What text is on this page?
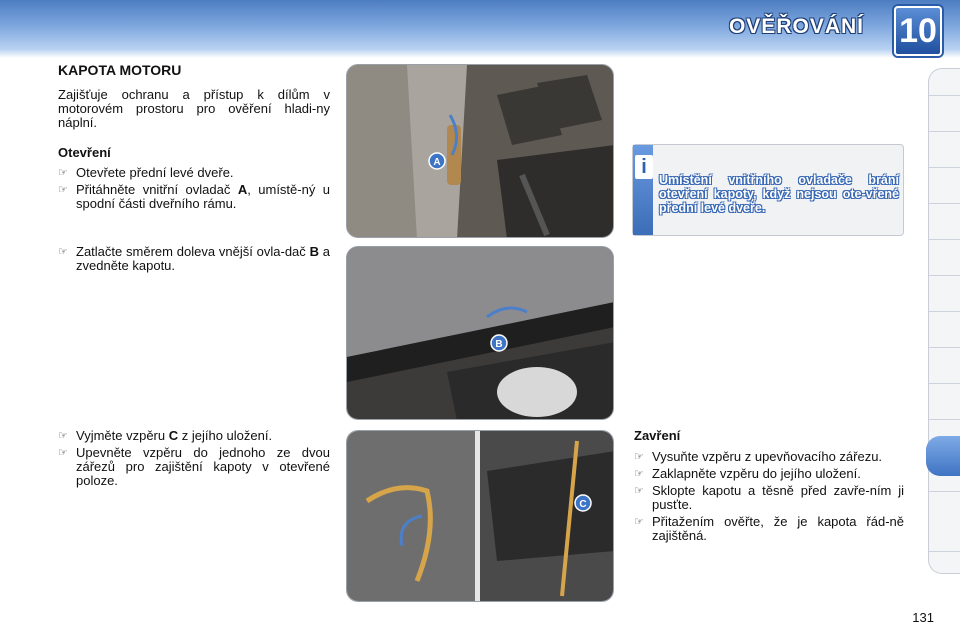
OVĚŘOVÁNÍ 10
KAPOTA MOTORU

Zajišťuje ochranu a přístup k dílům v motorovém prostoru pro ověření hladi-ny náplní.

Otevření
☞ Otevřete přední levé dveře.
☞ Přitáhněte vnitřní ovladač A, umístě-ný u spodní části dveřního rámu.
☞ Zatlačte směrem doleva vnější ovla-dač B a zvedněte kapotu.
☞ Vyjměte vzpěru C z jejího uložení.
☞ Upevněte vzpěru do jednoho ze dvou zářezů pro zajištění kapoty v otevřené poloze.
A
B
C
i
Umístění vnitřního ovladače brání otevření kapoty, když nejsou ote-vřené přední levé dveře.
Zavření
☞ Vysuňte vzpěru z upevňovacího zářezu.
☞ Zaklapněte vzpěru do jejího uložení.
☞ Sklopte kapotu a těsně před zavře-ním ji pusťte.
☞ Přitažením ověřte, že je kapota řád-ně zajištěná.
131
